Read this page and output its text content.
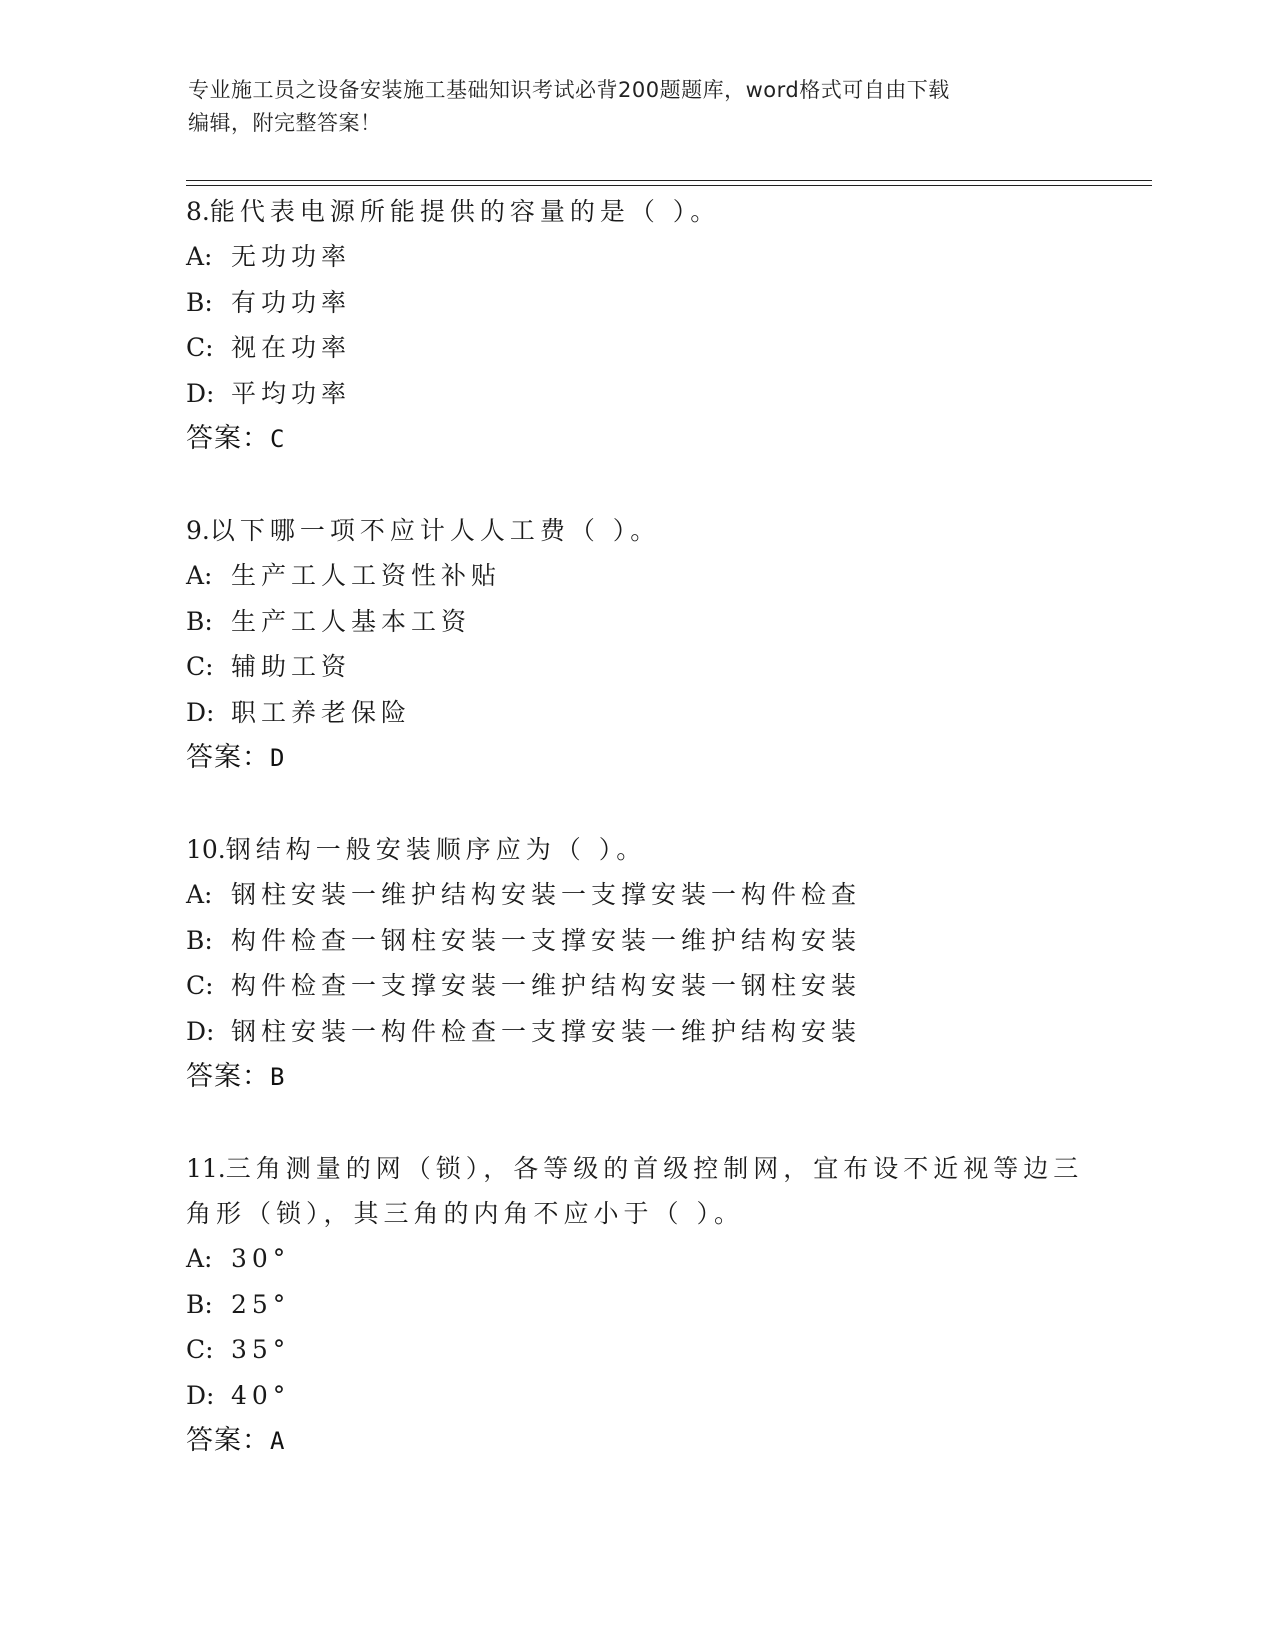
专业施工员之设备安装施工基础知识考试必背200题题库，word格式可自由下载
编辑，附完整答案！

8.能代表电源所能提供的容量的是（ ）。

A: 无功功率
B: 有功功率
C: 视在功率
D: 平均功率
答案：C

9.以下哪一项不应计人人工费（ ）。

A: 生产工人工资性补贴
B: 生产工人基本工资
C: 辅助工资
D: 职工养老保险
答案：D

10.钢结构一般安装顺序应为（ ）。

A: 钢柱安装一维护结构安装一支撑安装一构件检查
B: 构件检查一钢柱安装一支撑安装一维护结构安装
C: 构件检查一支撑安装一维护结构安装一钢柱安装
D: 钢柱安装一构件检查一支撑安装一维护结构安装
答案：B

11.三角测量的网（锁），各等级的首级控制网，宜布设不近视等边三角形（锁），其三角的内角不应小于（ ）。

A: 30°
B: 25°
C: 35°
D: 40°
答案：A
